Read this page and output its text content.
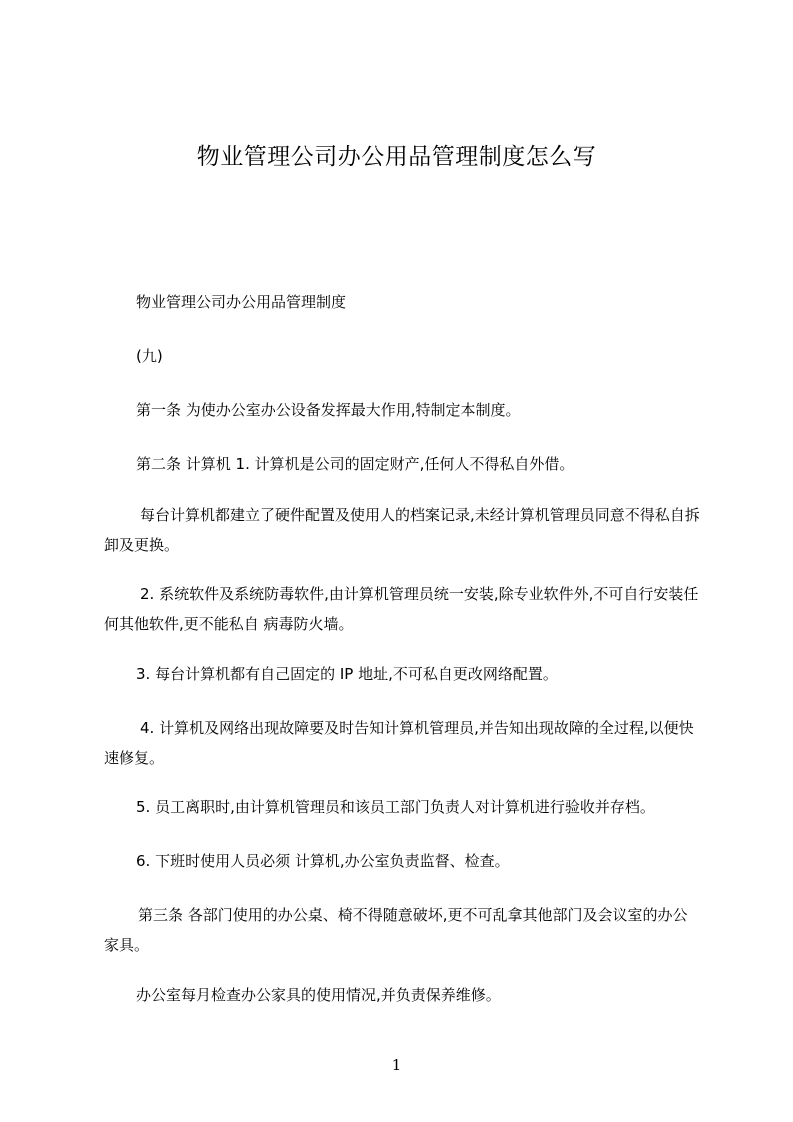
物业管理公司办公用品管理制度怎么写
物业管理公司办公用品管理制度
(九)
第一条 为使办公室办公设备发挥最大作用,特制定本制度。
第二条 计算机 1. 计算机是公司的固定财产,任何人不得私自外借。
每台计算机都建立了硬件配置及使用人的档案记录,未经计算机管理员同意不得私自拆卸及更换。
2. 系统软件及系统防毒软件,由计算机管理员统一安装,除专业软件外,不可自行安装任何其他软件,更不能私自 病毒防火墙。
3. 每台计算机都有自己固定的 IP 地址,不可私自更改网络配置。
4. 计算机及网络出现故障要及时告知计算机管理员,并告知出现故障的全过程,以便快速修复。
5. 员工离职时,由计算机管理员和该员工部门负责人对计算机进行验收并存档。
6. 下班时使用人员必须 计算机,办公室负责监督、检查。
第三条 各部门使用的办公桌、椅不得随意破坏,更不可乱拿其他部门及会议室的办公家具。
办公室每月检查办公家具的使用情况,并负责保养维修。
1
